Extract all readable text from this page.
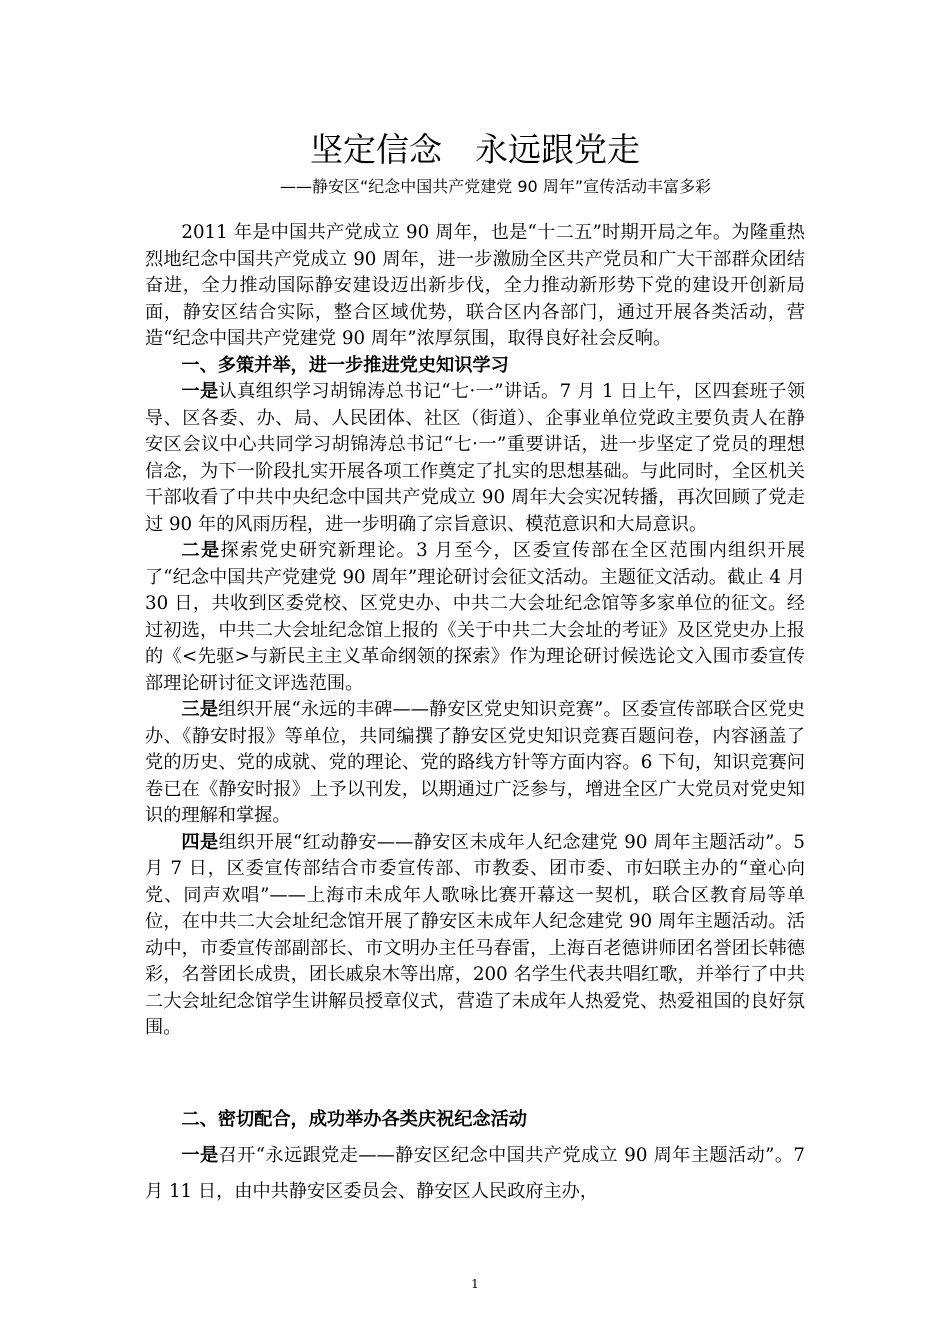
坚定信念　永远跟党走
——静安区“纪念中国共产党建党 90 周年”宣传活动丰富多彩

2011 年是中国共产党成立 90 周年，也是“十二五”时期开局之年。为隆重热烈地纪念中国共产党成立 90 周年，进一步激励全区共产党员和广大干部群众团结奋进，全力推动国际静安建设迈出新步伐，全力推动新形势下党的建设开创新局面，静安区结合实际，整合区域优势，联合区内各部门，通过开展各类活动，营造“纪念中国共产党建党 90 周年”浓厚氛围，取得良好社会反响。

一、多策并举，进一步推进党史知识学习

一是认真组织学习胡锦涛总书记“七·一”讲话。7 月 1 日上午，区四套班子领导、区各委、办、局、人民团体、社区（街道）、企事业单位党政主要负责人在静安区会议中心共同学习胡锦涛总书记“七·一”重要讲话，进一步坚定了党员的理想信念，为下一阶段扎实开展各项工作奠定了扎实的思想基础。与此同时，全区机关干部收看了中共中央纪念中国共产党成立 90 周年大会实况转播，再次回顾了党走过 90 年的风雨历程，进一步明确了宗旨意识、模范意识和大局意识。

二是探索党史研究新理论。3 月至今，区委宣传部在全区范围内组织开展了“纪念中国共产党建党 90 周年”理论研讨会征文活动。主题征文活动。截止 4 月 30 日，共收到区委党校、区党史办、中共二大会址纪念馆等多家单位的征文。经过初选，中共二大会址纪念馆上报的《关于中共二大会址的考证》及区党史办上报的《<先驱>与新民主主义革命纲领的探索》作为理论研讨候选论文入围市委宣传部理论研讨征文评选范围。

三是组织开展“永远的丰碑——静安区党史知识竞赛”。区委宣传部联合区党史办、《静安时报》等单位，共同编撰了静安区党史知识竞赛百题问卷，内容涵盖了党的历史、党的成就、党的理论、党的路线方针等方面内容。6 下旬，知识竞赛问卷已在《静安时报》上予以刊发，以期通过广泛参与，增进全区广大党员对党史知识的理解和掌握。

四是组织开展“红动静安——静安区未成年人纪念建党 90 周年主题活动”。5 月 7 日，区委宣传部结合市委宣传部、市教委、团市委、市妇联主办的“童心向党、同声欢唱”——上海市未成年人歌咏比赛开幕这一契机，联合区教育局等单位，在中共二大会址纪念馆开展了静安区未成年人纪念建党 90 周年主题活动。活动中，市委宣传部副部长、市文明办主任马春雷，上海百老德讲师团名誉团长韩德彩，名誉团长成贵，团长戚泉木等出席，200 名学生代表共唱红歌，并举行了中共二大会址纪念馆学生讲解员授章仪式，营造了未成年人热爱党、热爱祖国的良好氛围。

二、密切配合，成功举办各类庆祝纪念活动

一是召开“永远跟党走——静安区纪念中国共产党成立 90 周年主题活动”。7 月 11 日，由中共静安区委员会、静安区人民政府主办，

1
